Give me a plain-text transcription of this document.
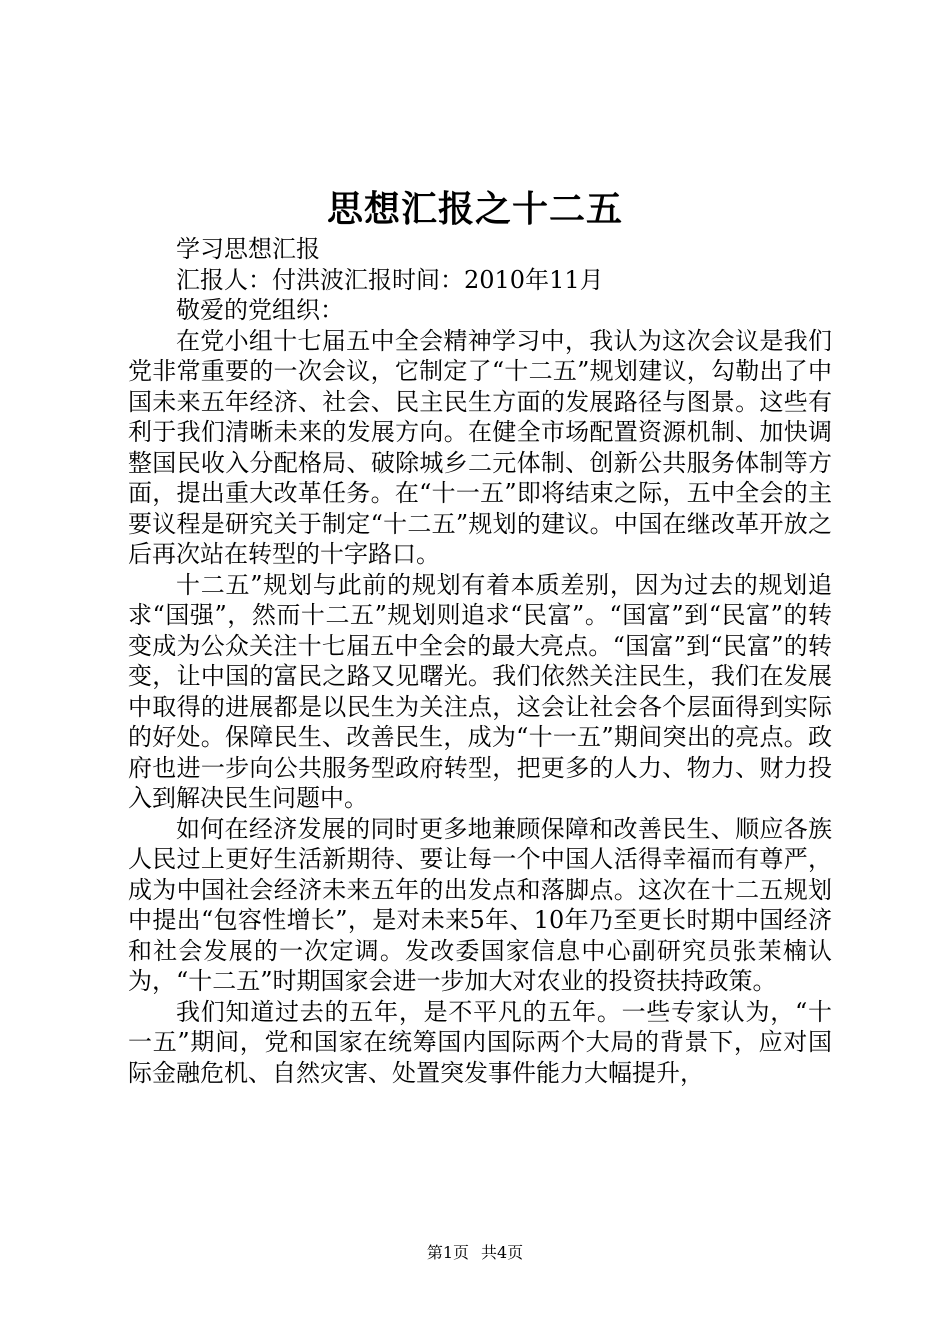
思想汇报之十二五

学习思想汇报

汇报人：付洪波汇报时间：2010年11月

敬爱的党组织：

在党小组十七届五中全会精神学习中，我认为这次会议是我们党非常重要的一次会议，它制定了“十二五”规划建议，勾勒出了中国未来五年经济、社会、民主民生方面的发展路径与图景。这些有利于我们清晰未来的发展方向。在健全市场配置资源机制、加快调整国民收入分配格局、破除城乡二元体制、创新公共服务体制等方面，提出重大改革任务。在“十一五”即将结束之际，五中全会的主要议程是研究关于制定“十二五”规划的建议。中国在继改革开放之后再次站在转型的十字路口。

十二五”规划与此前的规划有着本质差别，因为过去的规划追求“国强”，然而十二五”规划则追求“民富”。“国富”到“民富”的转变成为公众关注十七届五中全会的最大亮点。“国富”到“民富”的转变，让中国的富民之路又见曙光。我们依然关注民生，我们在发展中取得的进展都是以民生为关注点，这会让社会各个层面得到实际的好处。保障民生、改善民生，成为“十一五”期间突出的亮点。政府也进一步向公共服务型政府转型，把更多的人力、物力、财力投入到解决民生问题中。

如何在经济发展的同时更多地兼顾保障和改善民生、顺应各族人民过上更好生活新期待、要让每一个中国人活得幸福而有尊严，成为中国社会经济未来五年的出发点和落脚点。这次在十二五规划中提出“包容性增长”，是对未来5年、10年乃至更长时期中国经济和社会发展的一次定调。发改委国家信息中心副研究员张茉楠认为，“十二五”时期国家会进一步加大对农业的投资扶持政策。

我们知道过去的五年，是不平凡的五年。一些专家认为，“十一五”期间，党和国家在统筹国内国际两个大局的背景下，应对国际金融危机、自然灾害、处置突发事件能力大幅提升，

第1页 共4页
